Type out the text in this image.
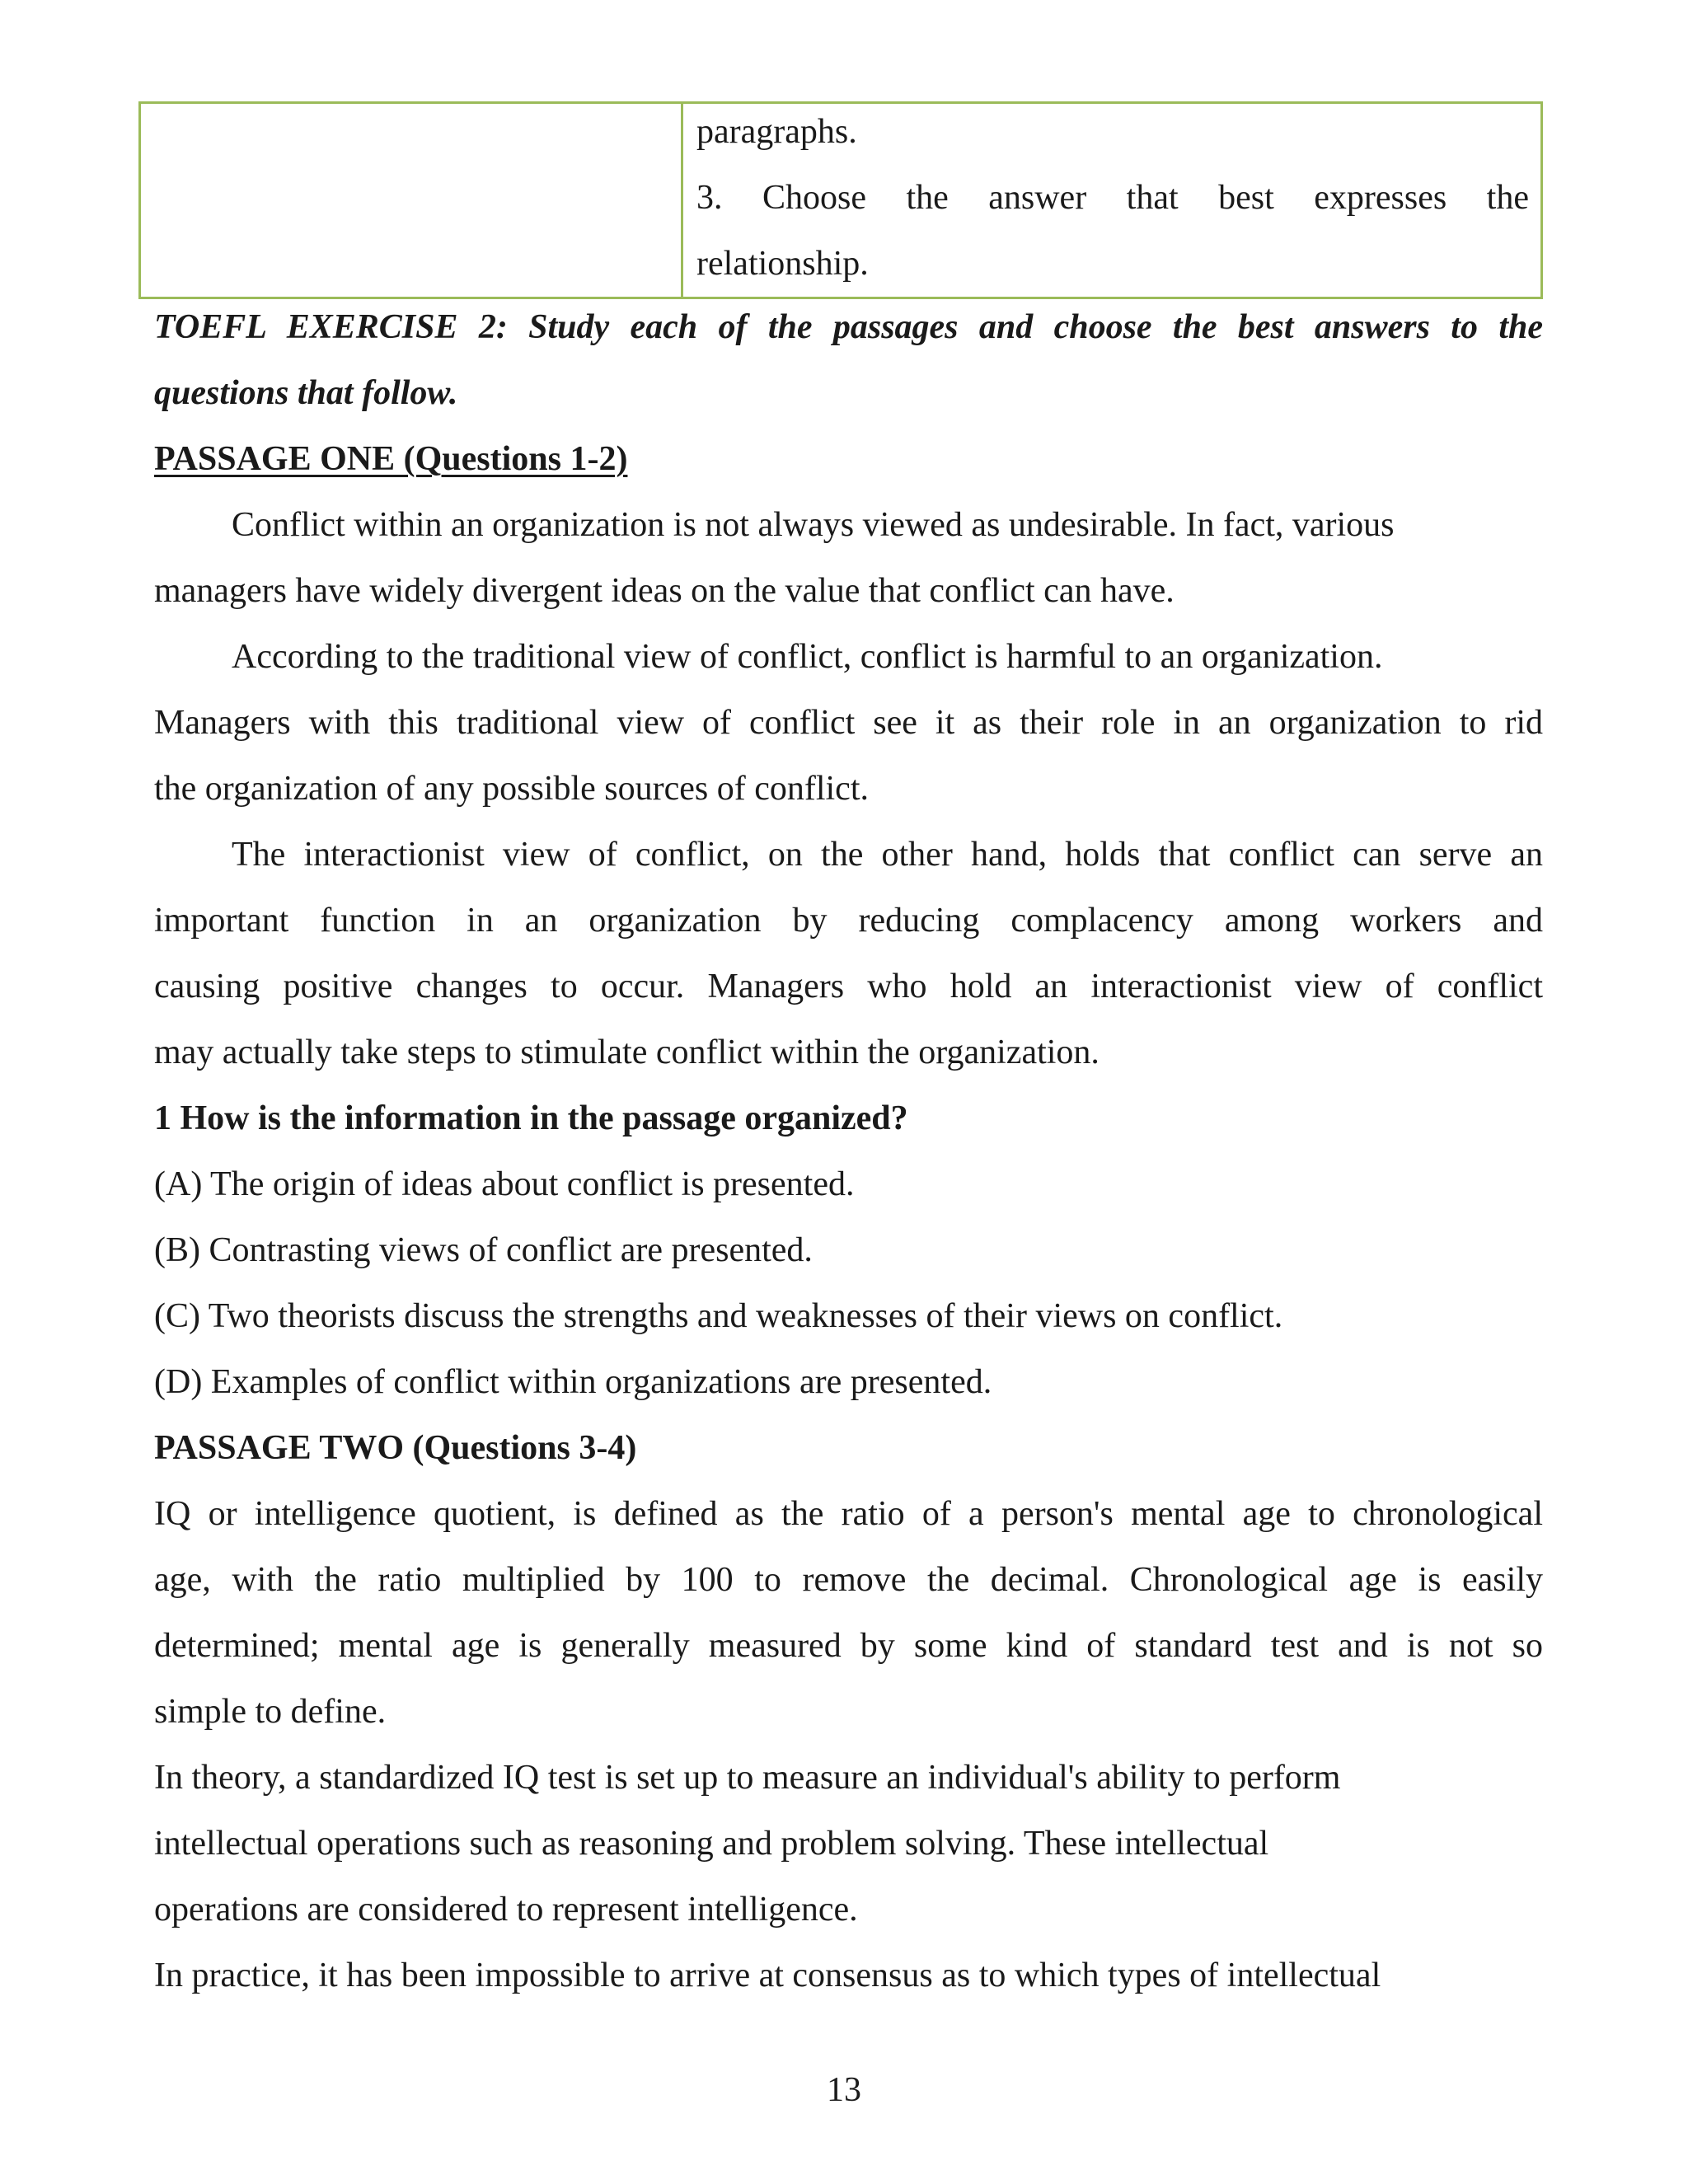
paragraphs.
3. Choose the answer that best expresses the
relationship.

TOEFL EXERCISE 2: Study each of the passages and choose the best answers to the

questions that follow.

PASSAGE ONE (Questions 1-2)

Conflict within an organization is not always viewed as undesirable. In fact, various

managers have widely divergent ideas on the value that conflict can have.

According to the traditional view of conflict, conflict is harmful to an organization.

Managers with this traditional view of conflict see it as their role in an organization to rid

the organization of any possible sources of conflict.

The interactionist view of conflict, on the other hand, holds that conflict can serve an

important function in an organization by reducing complacency among workers and

causing positive changes to occur. Managers who hold an interactionist view of conflict

may actually take steps to stimulate conflict within the organization.

1 How is the information in the passage organized?

(A) The origin of ideas about conflict is presented.

(B) Contrasting views of conflict are presented.

(C) Two theorists discuss the strengths and weaknesses of their views on conflict.

(D) Examples of conflict within organizations are presented.

PASSAGE TWO (Questions 3-4)

IQ or intelligence quotient, is defined as the ratio of a person's mental age to chronological

age, with the ratio multiplied by 100 to remove the decimal. Chronological age is easily

determined; mental age is generally measured by some kind of standard test and is not so

simple to define.

In theory, a standardized IQ test is set up to measure an individual's ability to perform

intellectual operations such as reasoning and problem solving. These intellectual

operations are considered to represent intelligence.

In practice, it has been impossible to arrive at consensus as to which types of intellectual

13
